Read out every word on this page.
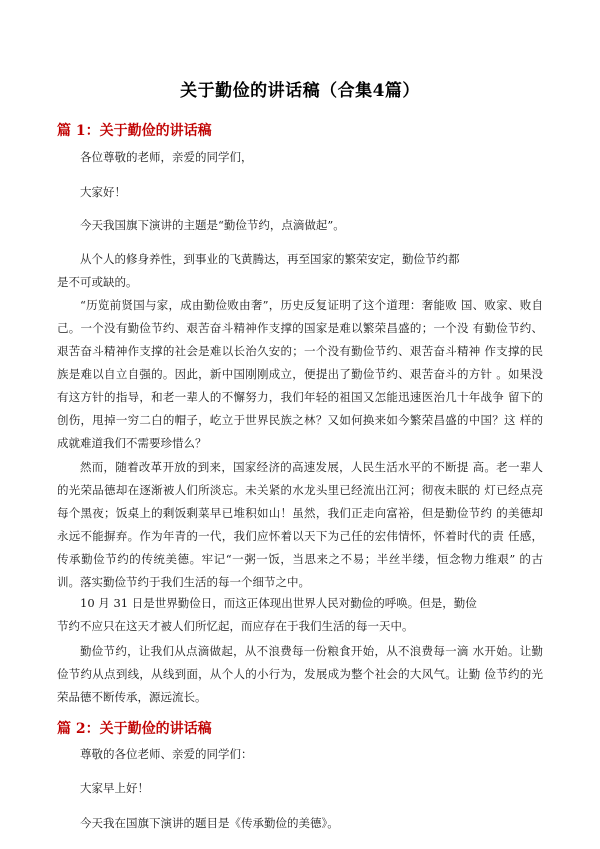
关于勤俭的讲话稿（合集4篇）
篇 1：关于勤俭的讲话稿

各位尊敬的老师，亲爱的同学们，

大家好！

今天我国旗下演讲的主题是“勤俭节约，点滴做起”。

从个人的修身养性，到事业的飞黄腾达，再至国家的繁荣安定，勤俭节约都
是不可或缺的。

“历览前贤国与家，成由勤俭败由奢”，历史反复证明了这个道理：奢能败 国、败家、败自己。一个没有勤俭节约、艰苦奋斗精神作支撑的国家是难以繁荣昌盛的；一个没 有勤俭节约、艰苦奋斗精神作支撑的社会是难以长治久安的；一个没有勤俭节约、艰苦奋斗精神 作支撑的民族是难以自立自强的。因此，新中国刚刚成立，便提出了勤俭节约、艰苦奋斗的方针 。如果没有这方针的指导，和老一辈人的不懈努力，我们年轻的祖国又怎能迅速医治几十年战争 留下的创伤，甩掉一穷二白的帽子，屹立于世界民族之林？又如何换来如今繁荣昌盛的中国？这 样的成就难道我们不需要珍惜么？

然而，随着改革开放的到来，国家经济的高速发展，人民生活水平的不断提 高。老一辈人的光荣品德却在逐渐被人们所淡忘。未关紧的水龙头里已经流出江河；彻夜未眠的 灯已经点亮每个黑夜；饭桌上的剩饭剩菜早已堆积如山！虽然，我们正走向富裕，但是勤俭节约 的美德却永远不能摒弃。作为年青的一代，我们应怀着以天下为己任的宏伟情怀，怀着时代的责 任感，传承勤俭节约的传统美德。牢记“一粥一饭，当思来之不易；半丝半缕，恒念物力维艰” 的古训。落实勤俭节约于我们生活的每一个细节之中。

10 月 31 日是世界勤俭日，而这正体现出世界人民对勤俭的呼唤。但是，勤俭
节约不应只在这天才被人们所忆起，而应存在于我们生活的每一天中。

勤俭节约，让我们从点滴做起，从不浪费每一份粮食开始，从不浪费每一滴 水开始。让勤俭节约从点到线，从线到面，从个人的小行为，发展成为整个社会的大风气。让勤 俭节约的光荣品德不断传承，源远流长。

篇 2：关于勤俭的讲话稿

尊敬的各位老师、亲爱的同学们：

大家早上好！

今天我在国旗下演讲的题目是《传承勤俭的美德》。
